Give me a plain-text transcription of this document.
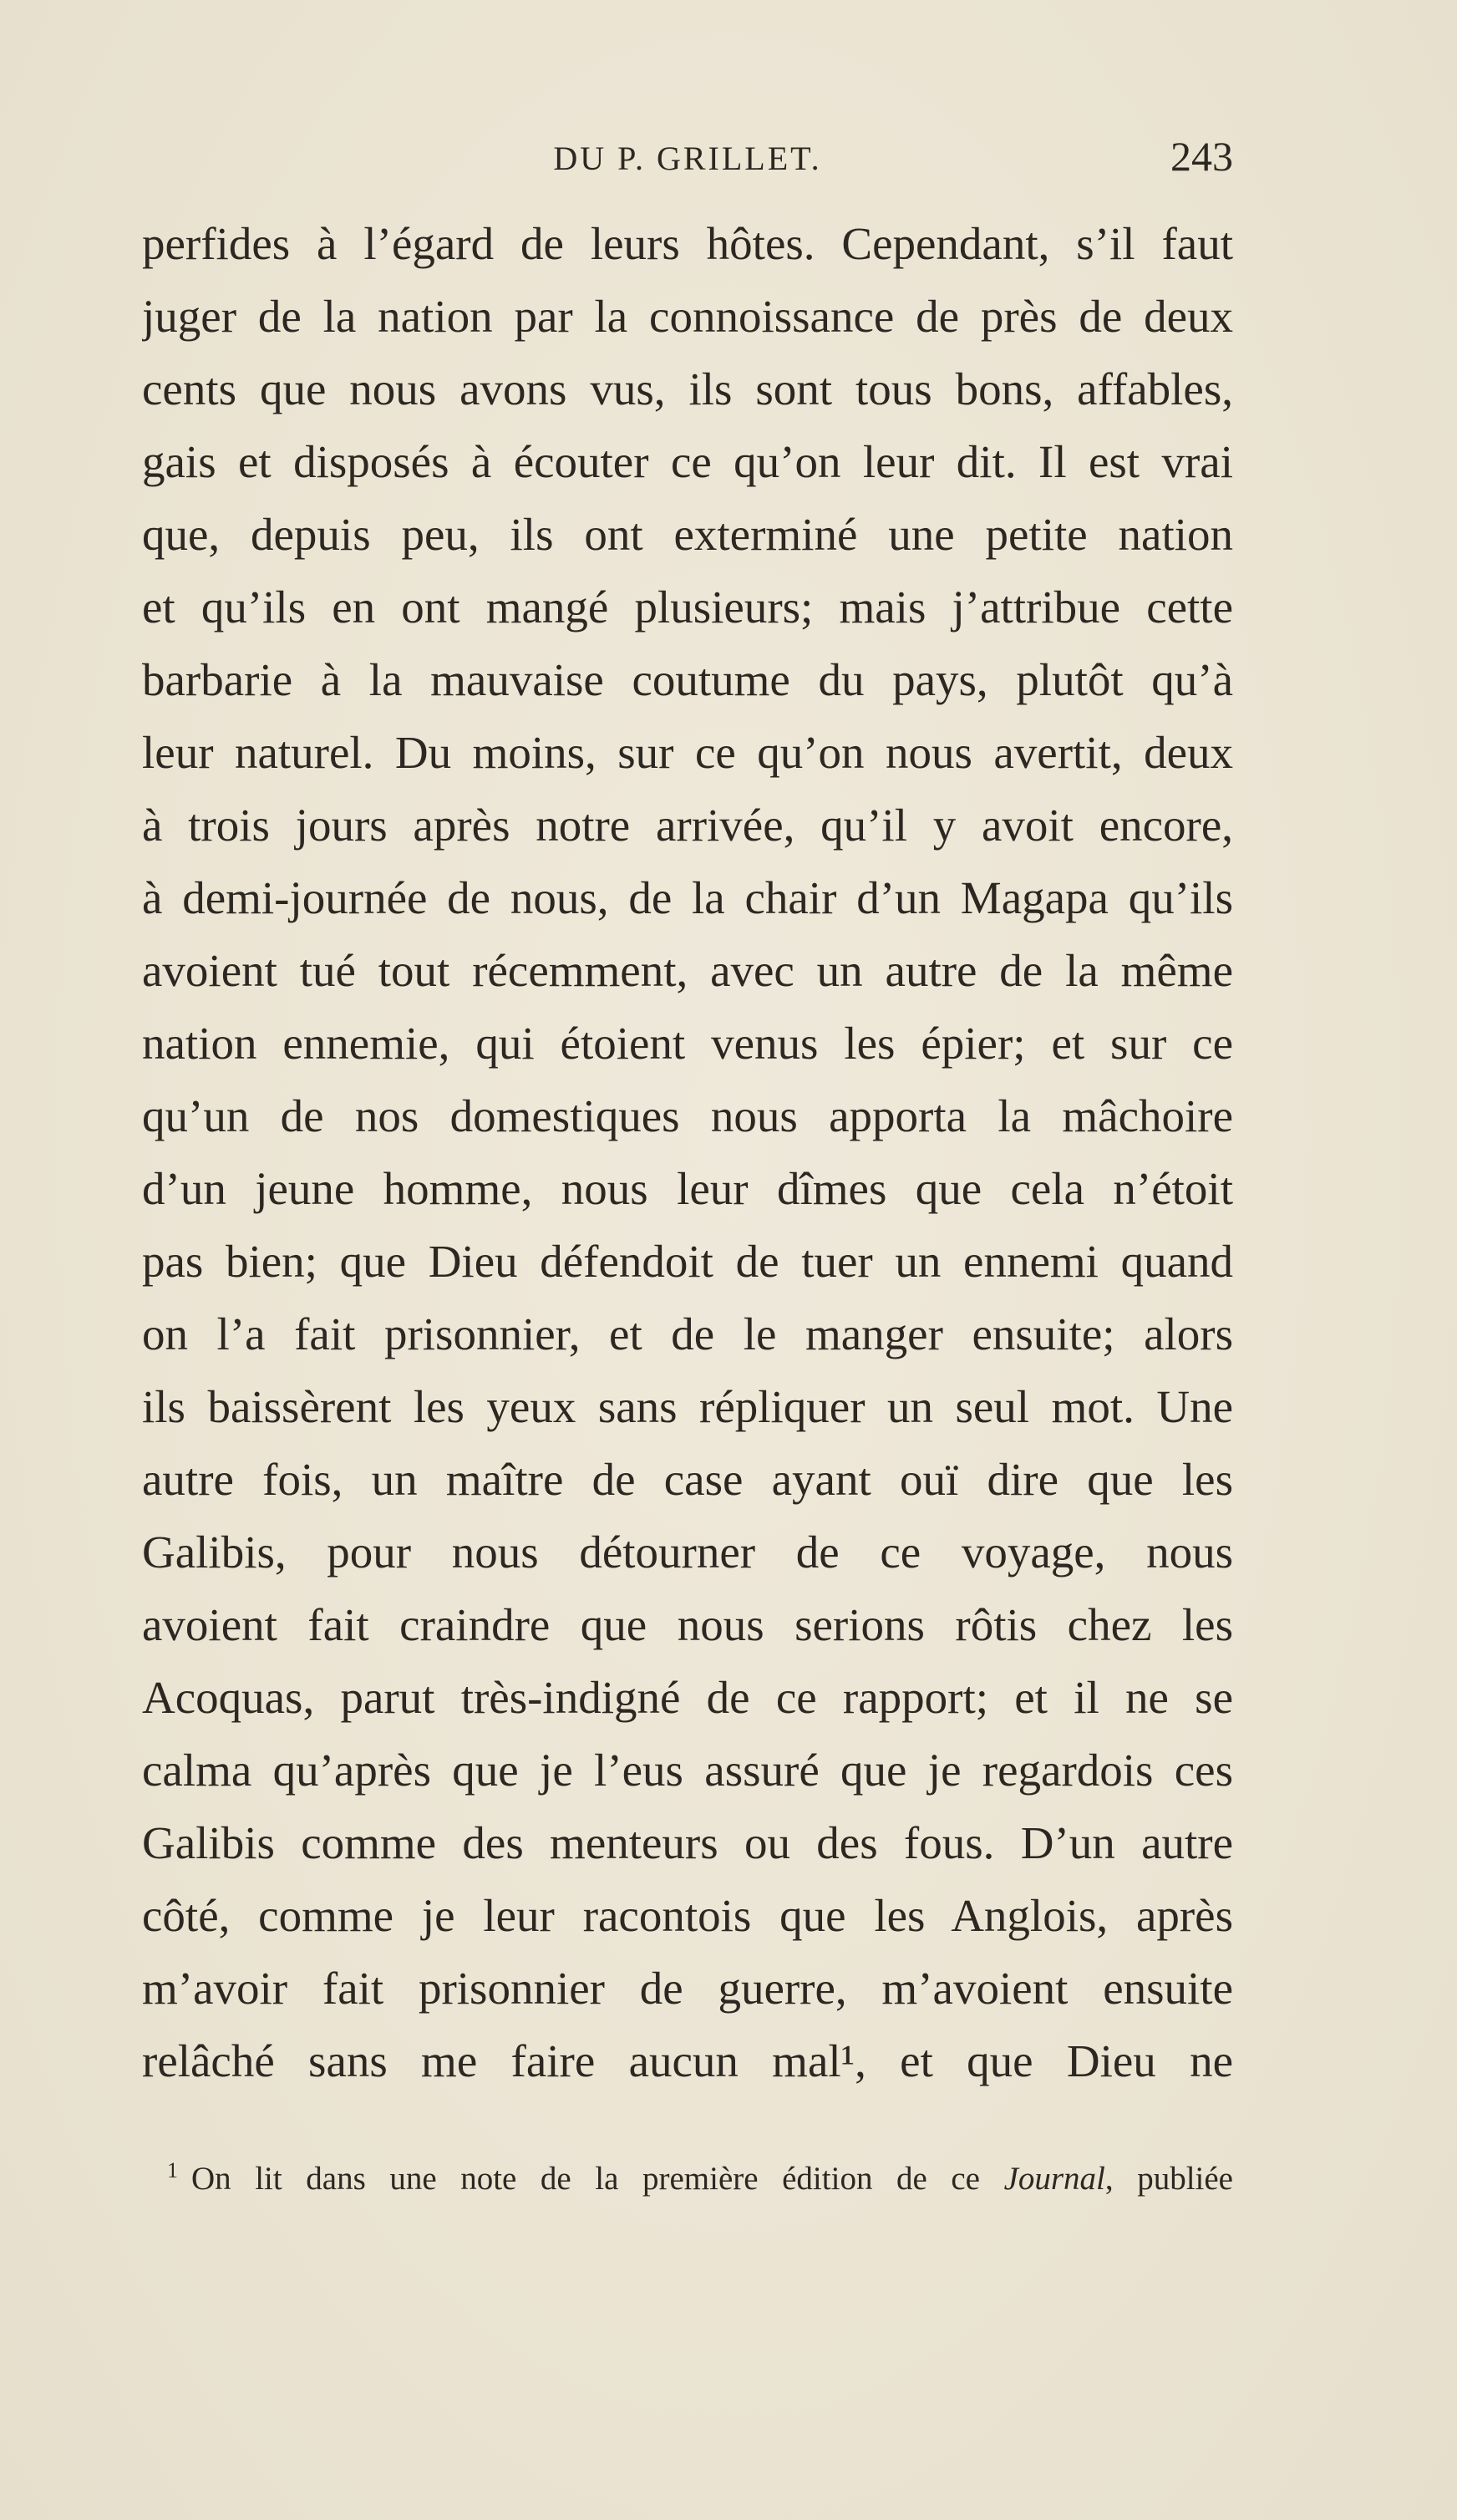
DU P. GRILLET.	243
perfides à l’égard de leurs hôtes. Cependant, s’il faut
juger de la nation par la connoissance de près de deux
cents que nous avons vus, ils sont tous bons, affables,
gais et disposés à écouter ce qu’on leur dit. Il est vrai
que, depuis peu, ils ont exterminé une petite nation
et qu’ils en ont mangé plusieurs; mais j’attribue cette
barbarie à la mauvaise coutume du pays, plutôt qu’à
leur naturel. Du moins, sur ce qu’on nous avertit, deux
à trois jours après notre arrivée, qu’il y avoit encore,
à demi-journée de nous, de la chair d’un Magapa qu’ils
avoient tué tout récemment, avec un autre de la même
nation ennemie, qui étoient venus les épier; et sur ce
qu’un de nos domestiques nous apporta la mâchoire
d’un jeune homme, nous leur dîmes que cela n’étoit
pas bien; que Dieu défendoit de tuer un ennemi quand
on l’a fait prisonnier, et de le manger ensuite; alors
ils baissèrent les yeux sans répliquer un seul mot. Une
autre fois, un maître de case ayant ouï dire que les
Galibis, pour nous détourner de ce voyage, nous
avoient fait craindre que nous serions rôtis chez les
Acoquas, parut très-indigné de ce rapport; et il ne se
calma qu’après que je l’eus assuré que je regardois ces
Galibis comme des menteurs ou des fous. D’un autre
côté, comme je leur racontois que les Anglois, après
m’avoir fait prisonnier de guerre, m’avoient ensuite
relâché sans me faire aucun mal¹, et que Dieu ne
$^1$ On lit dans une note de la première édition de ce Journal, publiée
